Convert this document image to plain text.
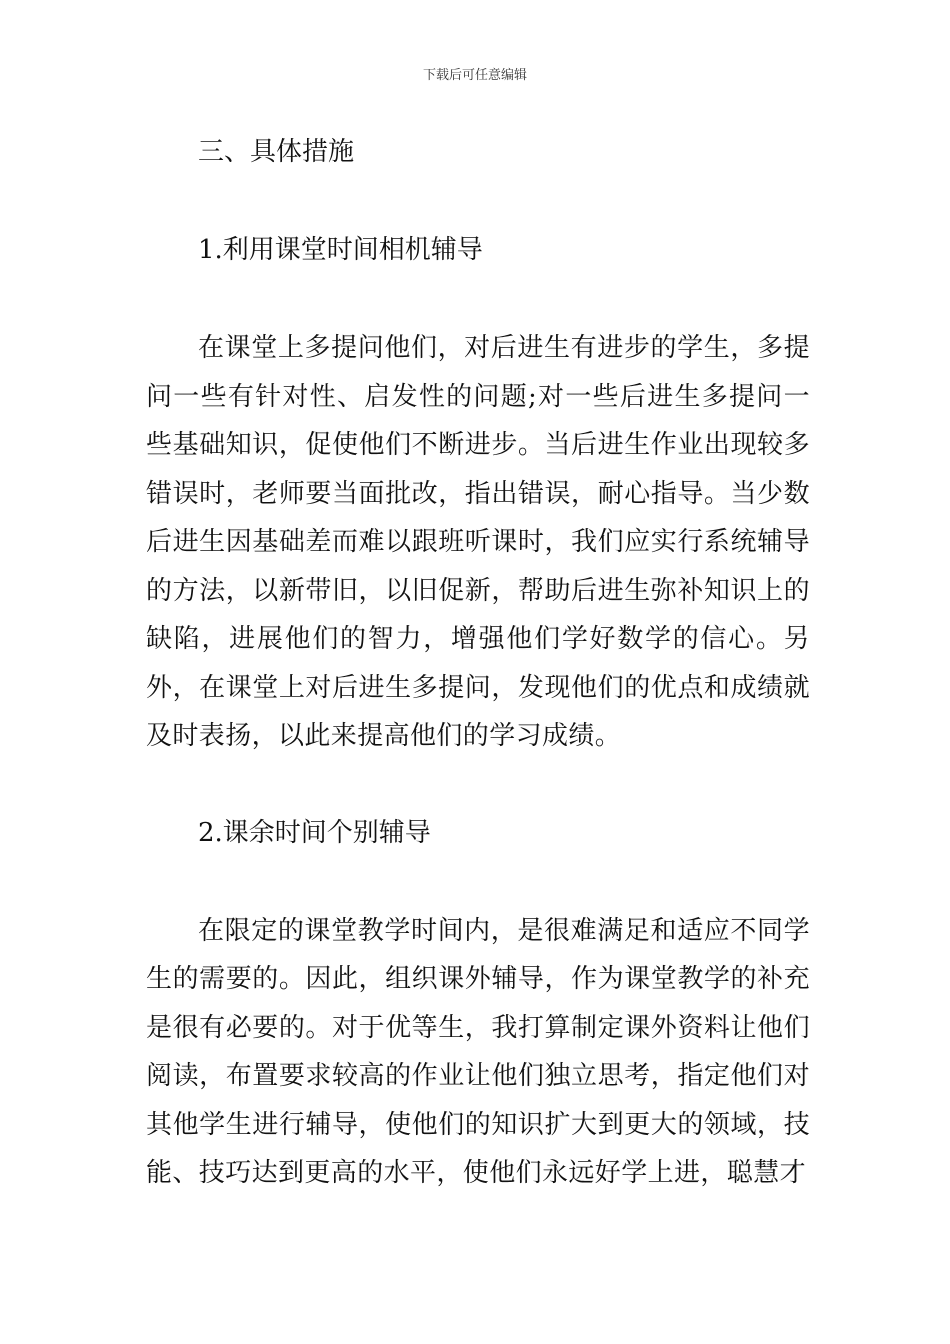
下载后可任意编辑

三、具体措施

1.利用课堂时间相机辅导

在课堂上多提问他们，对后进生有进步的学生，多提问一些有针对性、启发性的问题;对一些后进生多提问一些基础知识，促使他们不断进步。当后进生作业出现较多错误时，老师要当面批改，指出错误，耐心指导。当少数后进生因基础差而难以跟班听课时，我们应实行系统辅导的方法，以新带旧，以旧促新，帮助后进生弥补知识上的缺陷，进展他们的智力，增强他们学好数学的信心。另外，在课堂上对后进生多提问，发现他们的优点和成绩就及时表扬，以此来提高他们的学习成绩。

2.课余时间个别辅导

在限定的课堂教学时间内，是很难满足和适应不同学生的需要的。因此，组织课外辅导，作为课堂教学的补充是很有必要的。对于优等生，我打算制定课外资料让他们阅读，布置要求较高的作业让他们独立思考，指定他们对其他学生进行辅导，使他们的知识扩大到更大的领域，技能、技巧达到更高的水平，使他们永远好学上进，聪慧才
